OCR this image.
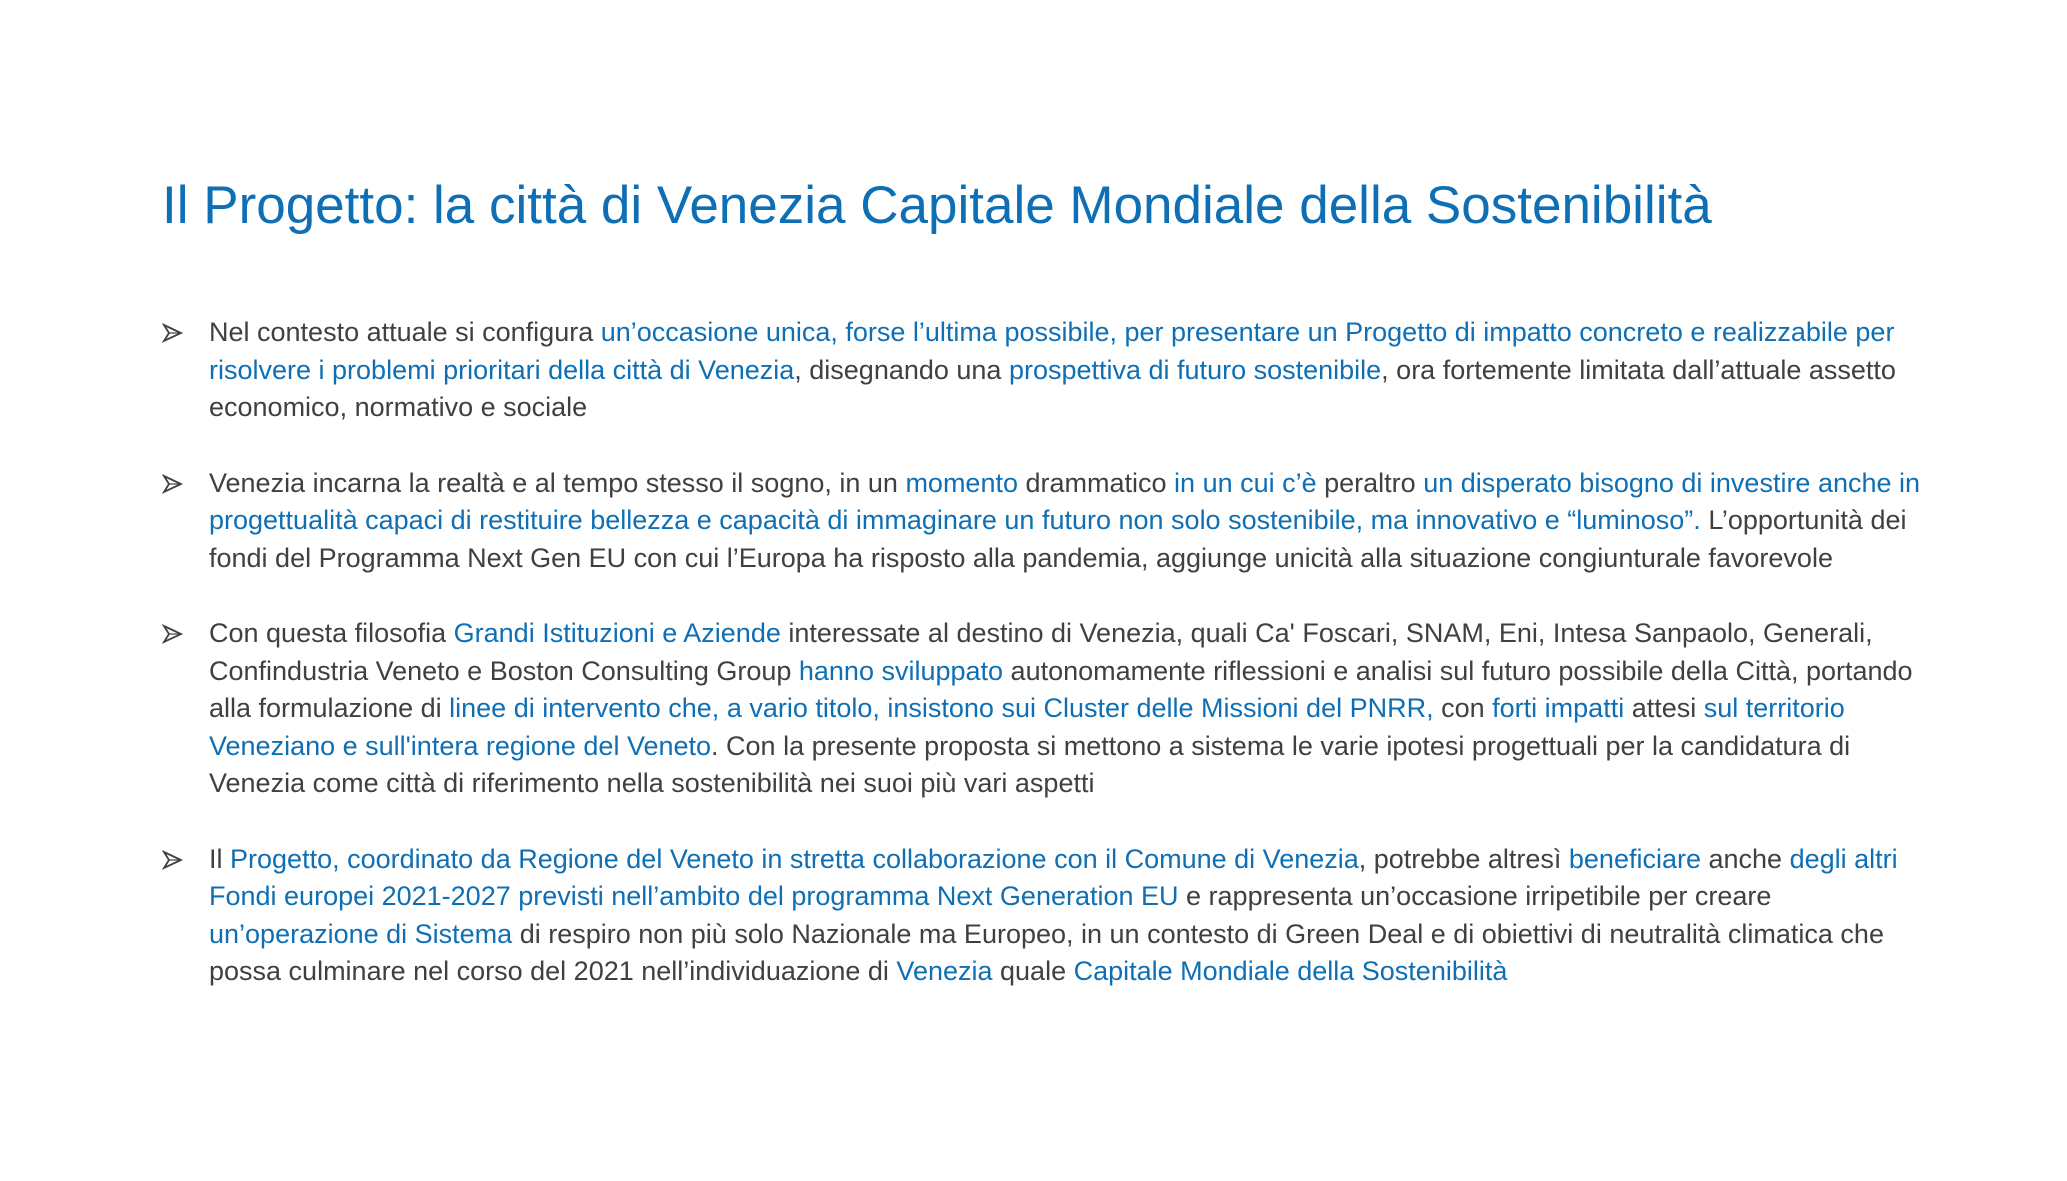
Il Progetto: la città di Venezia Capitale Mondiale della Sostenibilità
Nel contesto attuale si configura un’occasione unica, forse l’ultima possibile, per presentare un Progetto di impatto concreto e realizzabile per risolvere i problemi prioritari della città di Venezia, disegnando una prospettiva di futuro sostenibile, ora fortemente limitata dall’attuale assetto economico, normativo e sociale
Venezia incarna la realtà e al tempo stesso il sogno, in un momento drammatico in un cui c’è peraltro un disperato bisogno di investire anche in progettualità capaci di restituire bellezza e capacità di immaginare un futuro non solo sostenibile, ma innovativo e “luminoso”. L’opportunità dei fondi del Programma Next Gen EU con cui l’Europa ha risposto alla pandemia, aggiunge unicità alla situazione congiunturale favorevole
Con questa filosofia Grandi Istituzioni e Aziende interessate al destino di Venezia, quali Ca' Foscari, SNAM, Eni, Intesa Sanpaolo, Generali, Confindustria Veneto e Boston Consulting Group hanno sviluppato autonomamente riflessioni e analisi sul futuro possibile della Città, portando alla formulazione di linee di intervento che, a vario titolo, insistono sui Cluster delle Missioni del PNRR, con forti impatti attesi sul territorio Veneziano e sull'intera regione del Veneto. Con la presente proposta si mettono a sistema le varie ipotesi progettuali per la candidatura di Venezia come città di riferimento nella sostenibilità nei suoi più vari aspetti
Il Progetto, coordinato da Regione del Veneto in stretta collaborazione con il Comune di Venezia, potrebbe altresì beneficiare anche degli altri Fondi europei 2021-2027 previsti nell’ambito del programma Next Generation EU e rappresenta un’occasione irripetibile per creare un’operazione di Sistema di respiro non più solo Nazionale ma Europeo, in un contesto di Green Deal e di obiettivi di neutralità climatica che possa culminare nel corso del 2021 nell’individuazione di Venezia quale Capitale Mondiale della Sostenibilità
